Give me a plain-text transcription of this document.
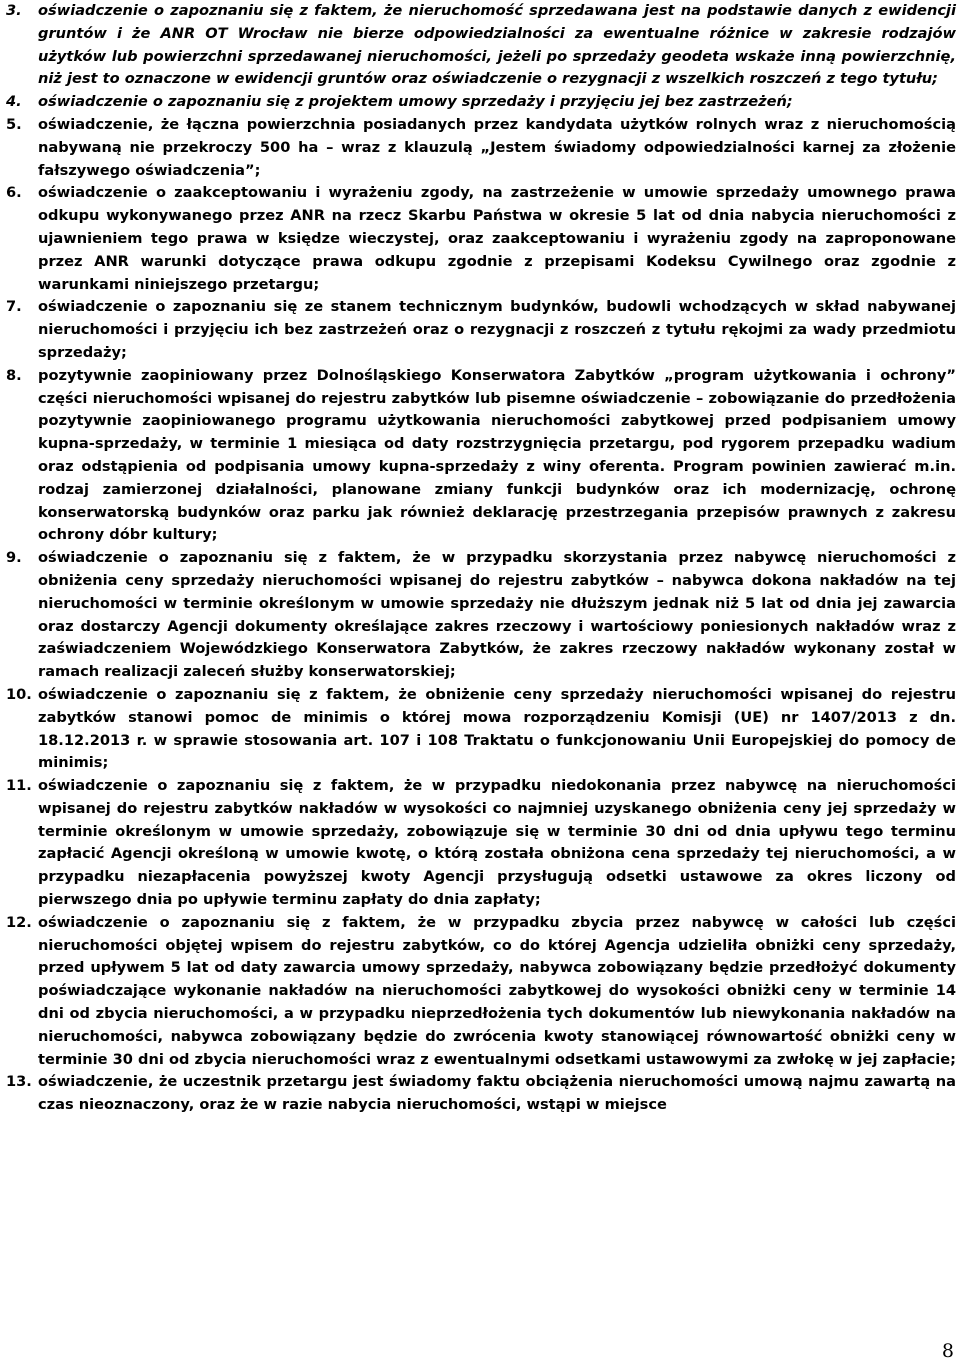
3.	oświadczenie o zapoznaniu się z faktem, że nieruchomość sprzedawana jest na podstawie danych z ewidencji gruntów i że ANR OT Wrocław nie bierze odpowiedzialności za ewentualne różnice w zakresie rodzajów użytków lub powierzchni sprzedawanej nieruchomości, jeżeli po sprzedaży geodeta wskaże inną powierzchnię, niż jest to oznaczone w ewidencji gruntów oraz oświadczenie o rezygnacji z wszelkich roszczeń z tego tytułu;
4.	oświadczenie o zapoznaniu się z projektem umowy sprzedaży i przyjęciu jej bez zastrzeżeń;
5.	oświadczenie, że łączna powierzchnia posiadanych przez kandydata użytków rolnych wraz z nieruchomością nabywaną nie przekroczy 500 ha – wraz z klauzulą „Jestem świadomy odpowiedzialności karnej za złożenie fałszywego oświadczenia”;
6.	oświadczenie o zaakceptowaniu i wyrażeniu zgody, na zastrzeżenie w umowie sprzedaży umownego prawa odkupu wykonywanego przez ANR na rzecz Skarbu Państwa w okresie 5 lat od dnia nabycia nieruchomości z ujawnieniem tego prawa w księdze wieczystej, oraz zaakceptowaniu i wyrażeniu zgody na zaproponowane przez ANR warunki dotyczące prawa odkupu zgodnie z przepisami Kodeksu Cywilnego oraz zgodnie z warunkami niniejszego przetargu;
7.	oświadczenie o zapoznaniu się ze stanem technicznym budynków, budowli wchodzących w skład nabywanej nieruchomości i przyjęciu ich bez zastrzeżeń oraz o rezygnacji z roszczeń z tytułu rękojmi za wady przedmiotu sprzedaży;
8.	pozytywnie zaopiniowany przez Dolnośląskiego Konserwatora Zabytków „program użytkowania i ochrony” części nieruchomości wpisanej do rejestru zabytków lub pisemne oświadczenie – zobowiązanie do przedłożenia pozytywnie zaopiniowanego programu użytkowania nieruchomości zabytkowej przed podpisaniem umowy kupna-sprzedaży, w terminie 1 miesiąca od daty rozstrzygnięcia przetargu, pod rygorem przepadku wadium oraz odstąpienia od podpisania umowy kupna-sprzedaży z winy oferenta. Program powinien zawierać m.in. rodzaj zamierzonej działalności, planowane zmiany funkcji budynków oraz ich modernizację, ochronę konserwatorską budynków oraz parku jak również deklarację przestrzegania przepisów prawnych z zakresu ochrony dóbr kultury;
9.	oświadczenie o zapoznaniu się z faktem, że w przypadku skorzystania przez nabywcę nieruchomości z obniżenia ceny sprzedaży nieruchomości wpisanej do rejestru zabytków – nabywca dokona nakładów na tej nieruchomości w terminie określonym w umowie sprzedaży nie dłuższym jednak niż 5 lat od dnia jej zawarcia oraz dostarczy Agencji dokumenty określające zakres rzeczowy i wartościowy poniesionych nakładów wraz z zaświadczeniem Wojewódzkiego Konserwatora Zabytków, że zakres rzeczowy nakładów wykonany został w ramach realizacji zaleceń służby konserwatorskiej;
10. oświadczenie o zapoznaniu się z faktem, że obniżenie ceny sprzedaży nieruchomości wpisanej do rejestru zabytków stanowi pomoc de minimis o której mowa rozporządzeniu Komisji (UE) nr 1407/2013 z dn. 18.12.2013 r. w sprawie stosowania art. 107 i 108 Traktatu o funkcjonowaniu Unii Europejskiej do pomocy de minimis;
11. oświadczenie o zapoznaniu się z faktem, że w przypadku niedokonania przez nabywcę na nieruchomości wpisanej do rejestru zabytków nakładów w wysokości co najmniej uzyskanego obniżenia ceny jej sprzedaży w terminie określonym w umowie sprzedaży, zobowiązuje się w terminie 30 dni od dnia upływu tego terminu zapłacić Agencji określoną w umowie kwotę, o którą została obniżona cena sprzedaży tej nieruchomości, a w przypadku niezapłacenia powyższej kwoty Agencji przysługują odsetki ustawowe za okres liczony od pierwszego dnia po upływie terminu zapłaty do dnia zapłaty;
12. oświadczenie o zapoznaniu się z faktem, że w przypadku zbycia przez nabywcę w całości lub części nieruchomości objętej wpisem do rejestru zabytków, co do której Agencja udzieliła obniżki ceny sprzedaży, przed upływem 5 lat od daty zawarcia umowy sprzedaży, nabywca zobowiązany będzie przedłożyć dokumenty poświadczające wykonanie nakładów na nieruchomości zabytkowej do wysokości obniżki ceny w terminie 14 dni od zbycia nieruchomości, a w przypadku nieprzedłożenia tych dokumentów lub niewykonania nakładów na nieruchomości, nabywca zobowiązany będzie do zwrócenia kwoty stanowiącej równowartość obniżki ceny w terminie 30 dni od zbycia nieruchomości wraz z ewentualnymi odsetkami ustawowymi za zwłokę w jej zapłacie;
13. oświadczenie, że uczestnik przetargu jest świadomy faktu obciążenia nieruchomości umową najmu zawartą na czas nieoznaczony, oraz że w razie nabycia nieruchomości, wstąpi w miejsce
8
